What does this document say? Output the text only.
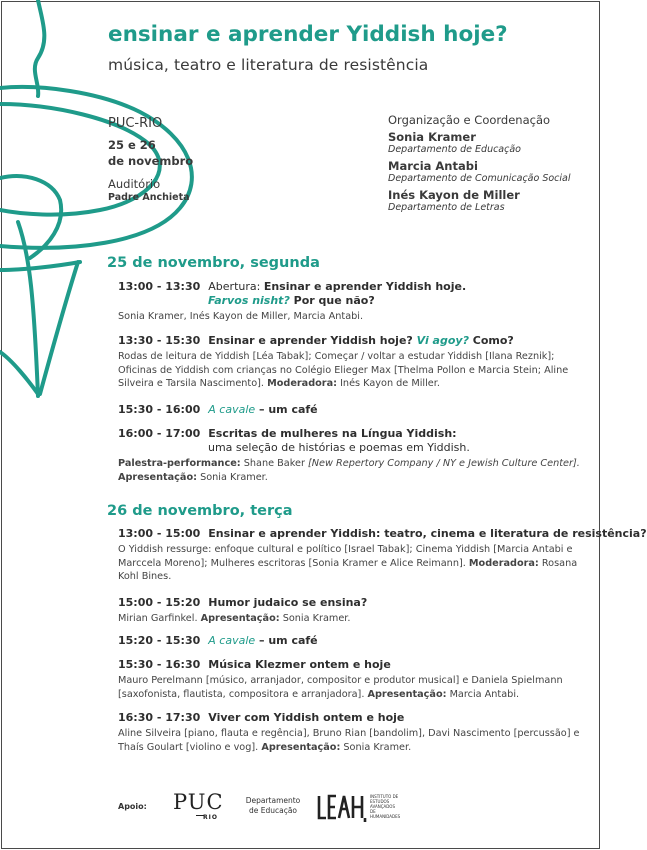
ensinar e aprender Yiddish hoje?
música, teatro e literatura de resistência
PUC-RIO
25 e 26
de novembro
Auditório
Padre Anchieta
Organização e Coordenação
Sonia Kramer
Departamento de Educação
Marcia Antabi
Departamento de Comunicação Social
Inés Kayon de Miller
Departamento de Letras
25 de novembro, segunda
13:00 - 13:30 Abertura: Ensinar e aprender Yiddish hoje.
Farvos nisht? Por que não?
Sonia Kramer, Inés Kayon de Miller, Marcia Antabi.
13:30 - 15:30 Ensinar e aprender Yiddish hoje? Vi agoy? Como?
Rodas de leitura de Yiddish [Léa Tabak]; Começar / voltar a estudar Yiddish [Ilana Reznik]; Oficinas de Yiddish com crianças no Colégio Elieger Max [Thelma Pollon e Marcia Stein; Aline Silveira e Tarsila Nascimento]. Moderadora: Inés Kayon de Miller.
15:30 - 16:00 A cavale – um café
16:00 - 17:00 Escritas de mulheres na Língua Yiddish:
uma seleção de histórias e poemas em Yiddish.
Palestra-performance: Shane Baker [New Repertory Company / NY e Jewish Culture Center].
Apresentação: Sonia Kramer.
26 de novembro, terça
13:00 - 15:00 Ensinar e aprender Yiddish: teatro, cinema e literatura de resistência?
O Yiddish ressurge: enfoque cultural e político [Israel Tabak]; Cinema Yiddish [Marcia Antabi e Marccela Moreno]; Mulheres escritoras [Sonia Kramer e Alice Reimann]. Moderadora: Rosana Kohl Bines.
15:00 - 15:20 Humor judaico se ensina?
Mirian Garfinkel. Apresentação: Sonia Kramer.
15:20 - 15:30 A cavale – um café
15:30 - 16:30 Música Klezmer ontem e hoje
Mauro Perelmann [músico, arranjador, compositor e produtor musical] e Daniela Spielmann [saxofonista, flautista, compositora e arranjadora]. Apresentação: Marcia Antabi.
16:30 - 17:30 Viver com Yiddish ontem e hoje
Aline Silveira [piano, flauta e regência], Bruno Rian [bandolim], Davi Nascimento [percussão] e Thaís Goulart [violino e vog]. Apresentação: Sonia Kramer.
Apoio: PUC
RIO
Departamento
de Educação
INSTITUTO DE
ESTUDOS AVANÇADOS
DE HUMANIDADES
